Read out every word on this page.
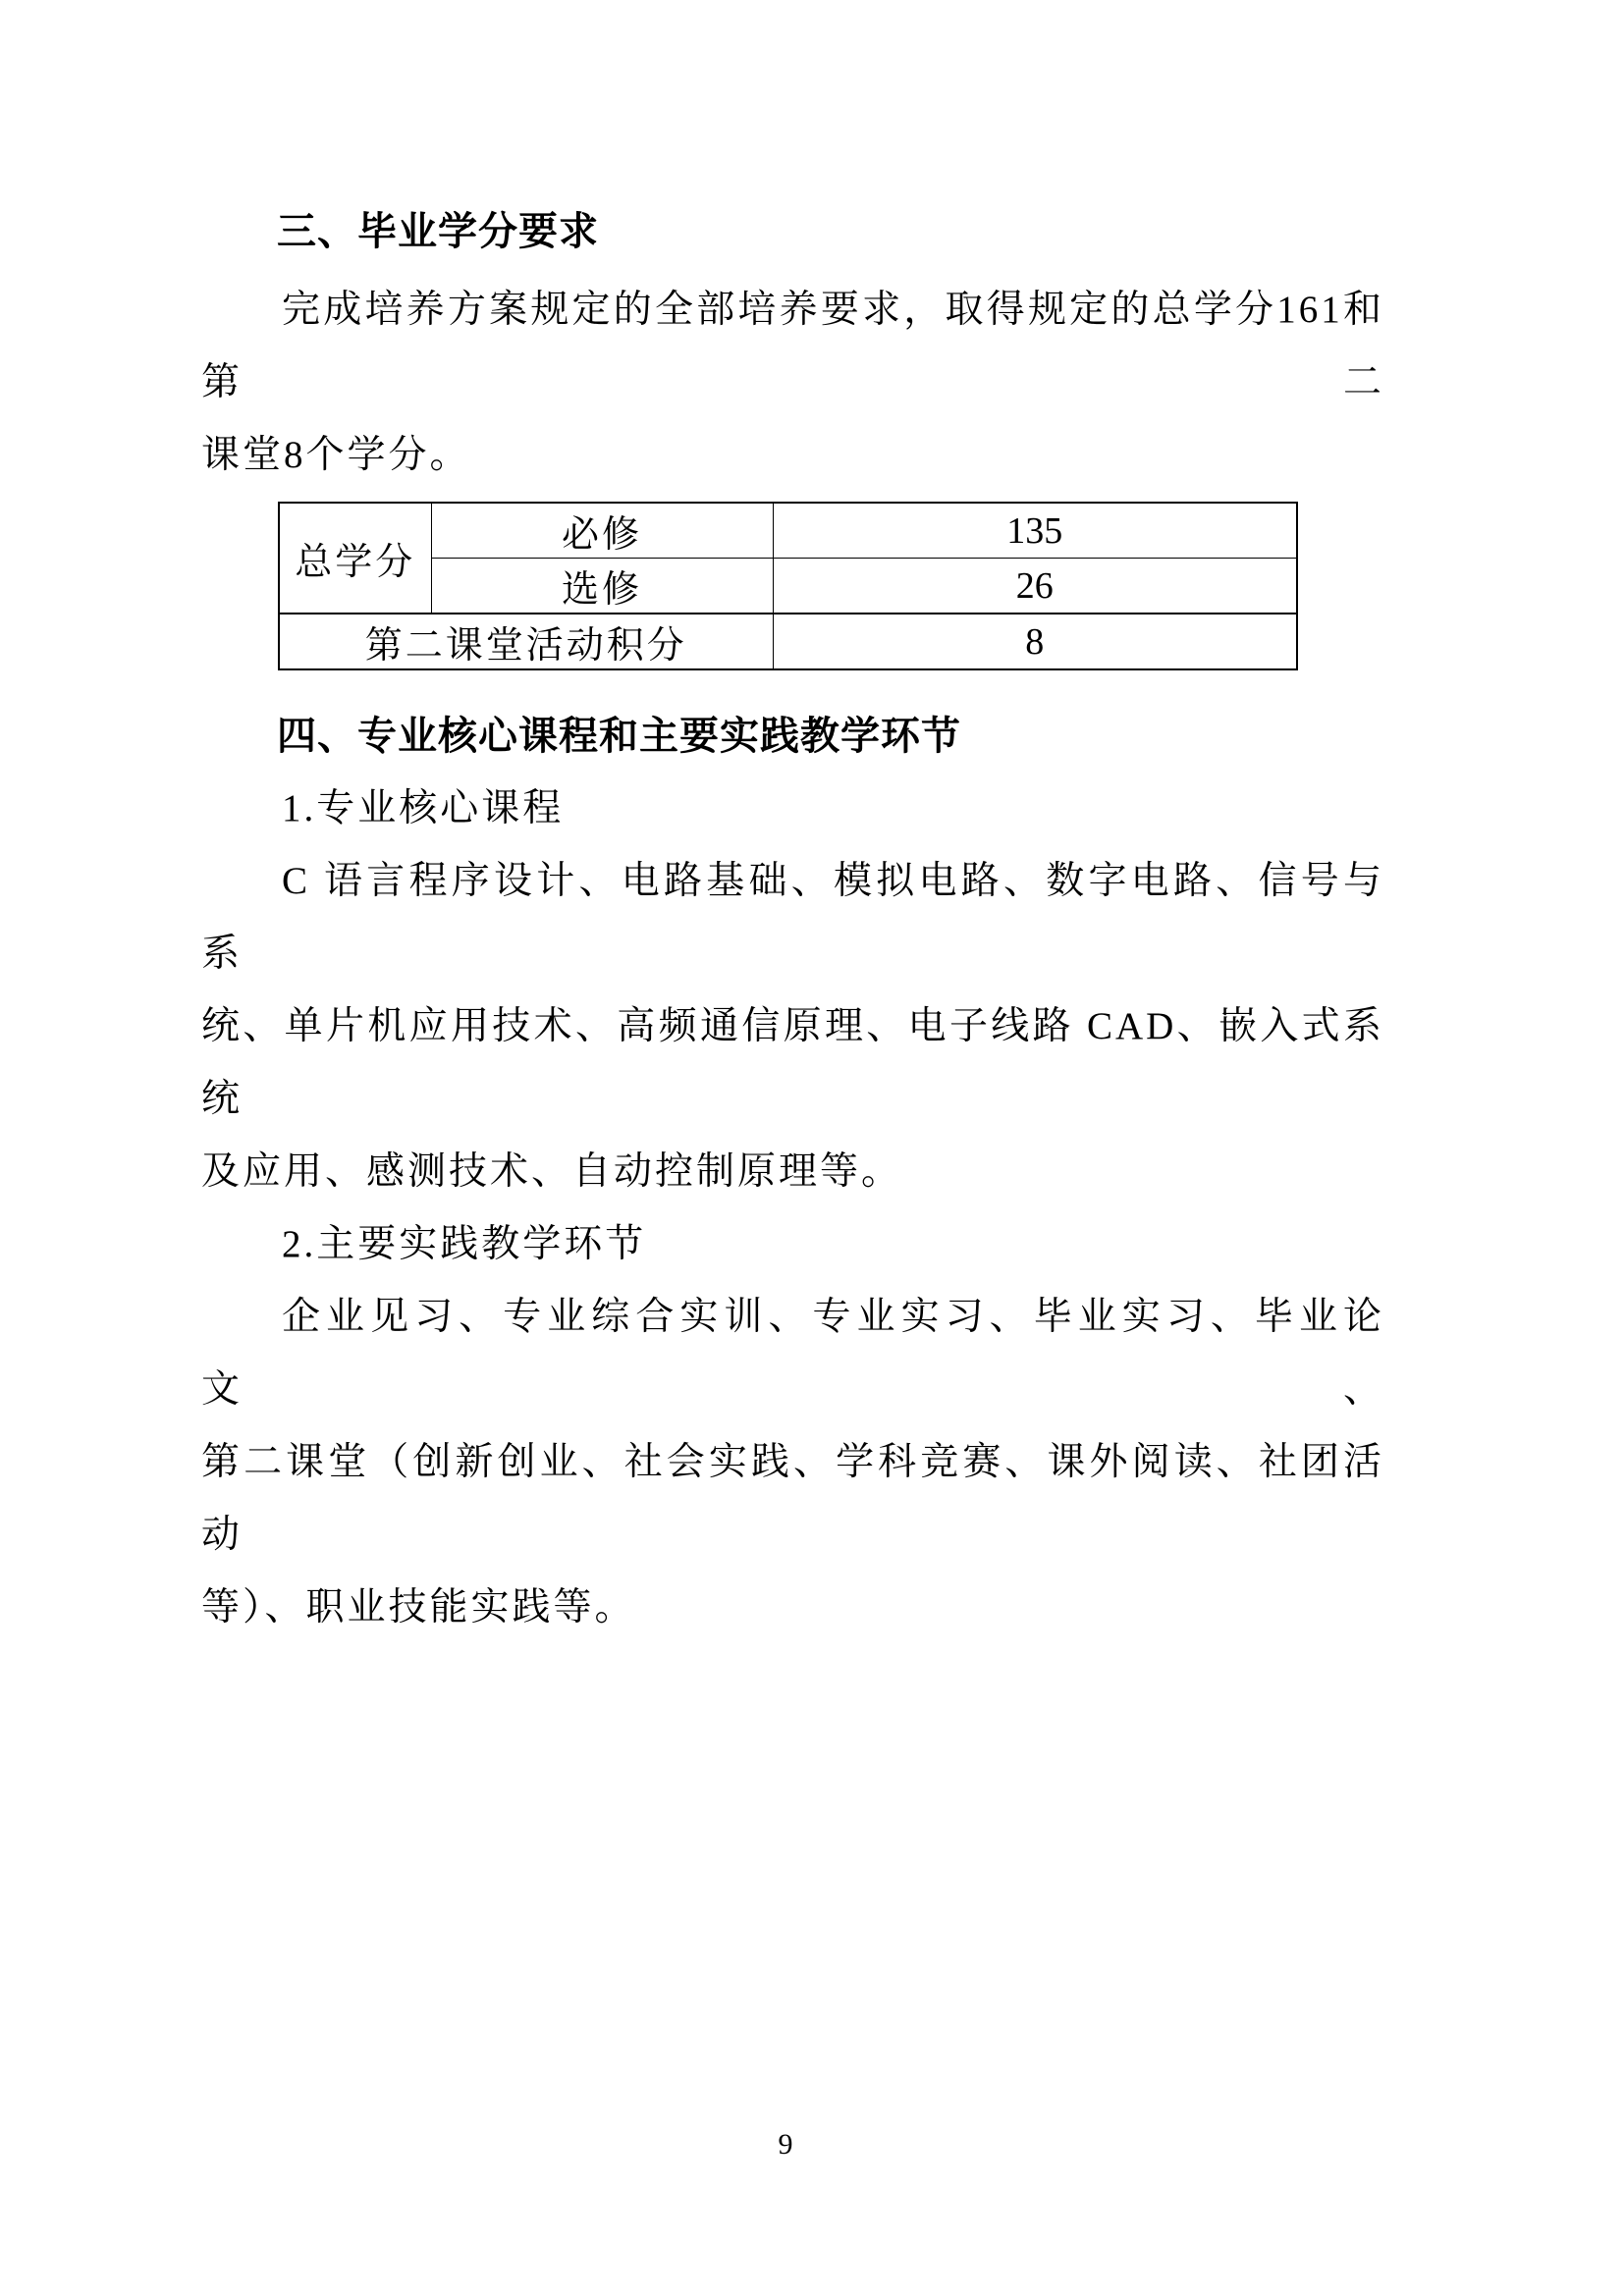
三、毕业学分要求
完成培养方案规定的全部培养要求，取得规定的总学分161和第二
课堂8个学分。
总学分	必修	135
	选修	26
第二课堂活动积分		8
四、专业核心课程和主要实践教学环节
1.专业核心课程
C 语言程序设计、电路基础、模拟电路、数字电路、信号与系
统、单片机应用技术、高频通信原理、电子线路 CAD、嵌入式系统
及应用、感测技术、自动控制原理等。
2.主要实践教学环节
企业见习、专业综合实训、专业实习、毕业实习、毕业论文、
第二课堂（创新创业、社会实践、学科竞赛、课外阅读、社团活动
等）、职业技能实践等。
9
